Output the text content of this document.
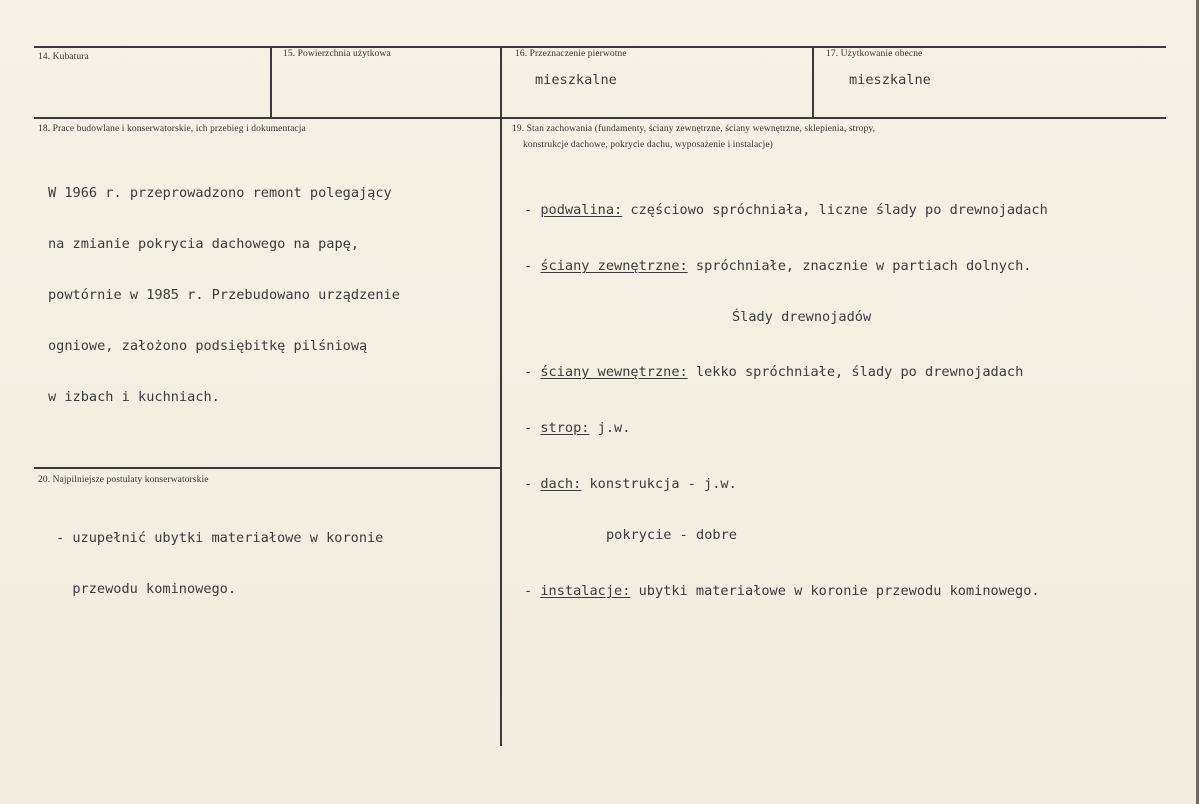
14. Kubatura	15. Powierzchnia użytkowa	16. Przeznaczenie pierwotne
mieszkalne
17. Użytkowanie obecne
mieszkalne
18. Prace budowlane i konserwatorskie, ich przebieg i dokumentacja

W 1966 r. przeprowadzono remont polegający

na zmianie pokrycia dachowego na papę,

powtórnie w 1985 r. Przebudowano urządzenie

ogniowe, założono podsiębitkę pilśniową

w izbach i kuchniach.

19. Stan zachowania (fundamenty, ściany zewnętrzne, ściany wewnętrzne, sklepienia, stropy,
konstrukcje dachowe, pokrycie dachu, wyposażenie i instalacje)

- podwalina: częściowo spróchniała, liczne ślady po drewnojadach

- ściany zewnętrzne: spróchniałe, znacznie w partiach dolnych.

Ślady drewnojadów

- ściany wewnętrzne: lekko spróchniałe, ślady po drewnojadach

- strop: j.w.

- dach: konstrukcja - j.w.

pokrycie - dobre

- instalacje: ubytki materiałowe w koronie przewodu kominowego.

20. Najpilniejsze postulaty konserwatorskie

- uzupełnić ubytki materiałowe w koronie

przewodu kominowego.
